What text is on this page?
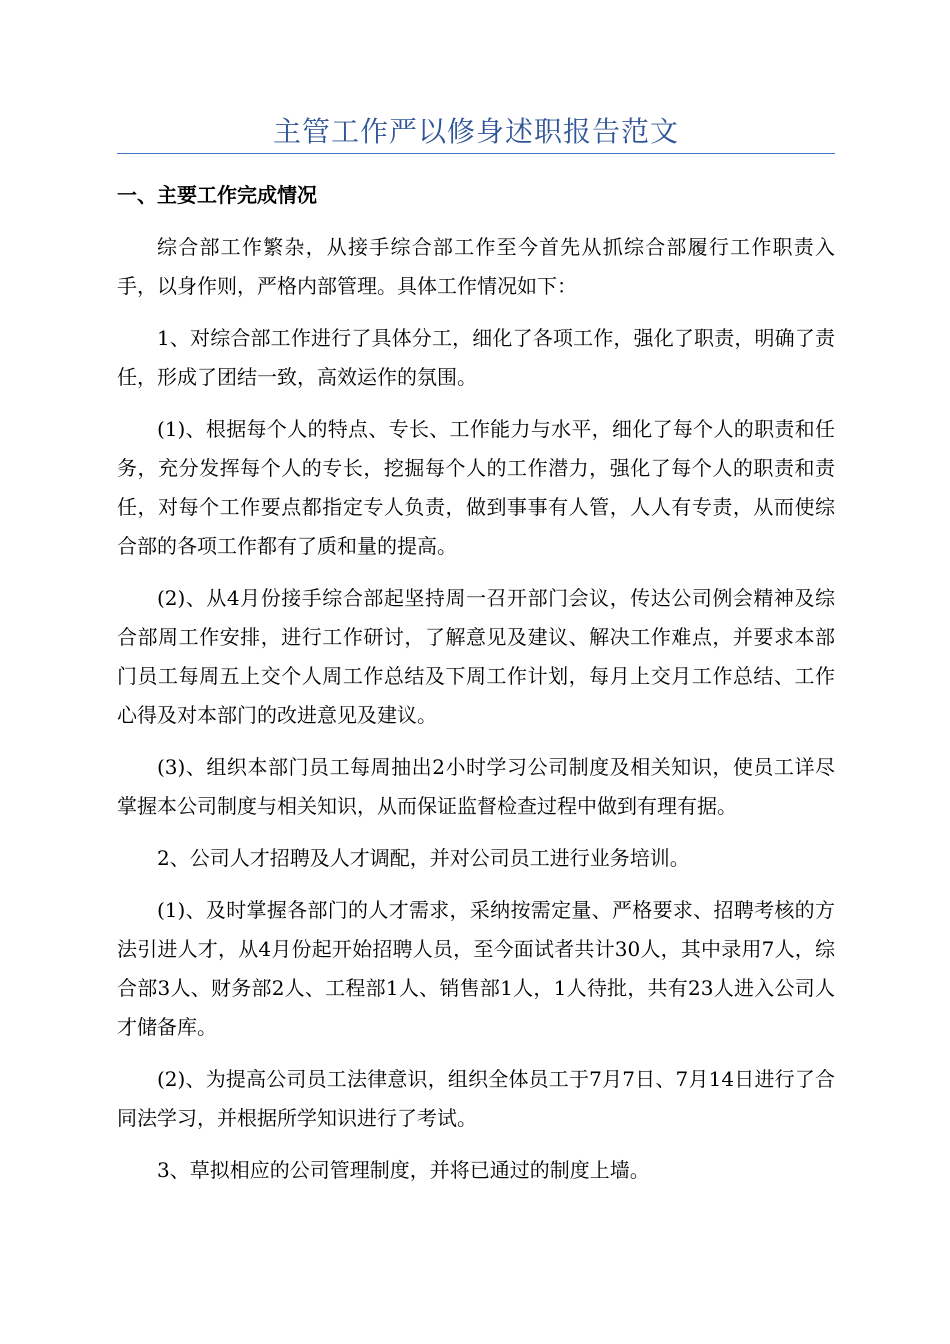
主管工作严以修身述职报告范文
一、主要工作完成情况

综合部工作繁杂，从接手综合部工作至今首先从抓综合部履行工作职责入手，以身作则，严格内部管理。具体工作情况如下：

1、对综合部工作进行了具体分工，细化了各项工作，强化了职责，明确了责任，形成了团结一致，高效运作的氛围。

(1)、根据每个人的特点、专长、工作能力与水平，细化了每个人的职责和任务，充分发挥每个人的专长，挖掘每个人的工作潜力，强化了每个人的职责和责任，对每个工作要点都指定专人负责，做到事事有人管，人人有专责，从而使综合部的各项工作都有了质和量的提高。

(2)、从4月份接手综合部起坚持周一召开部门会议，传达公司例会精神及综合部周工作安排，进行工作研讨，了解意见及建议、解决工作难点，并要求本部门员工每周五上交个人周工作总结及下周工作计划，每月上交月工作总结、工作心得及对本部门的改进意见及建议。

(3)、组织本部门员工每周抽出2小时学习公司制度及相关知识，使员工详尽掌握本公司制度与相关知识，从而保证监督检查过程中做到有理有据。

2、公司人才招聘及人才调配，并对公司员工进行业务培训。

(1)、及时掌握各部门的人才需求，采纳按需定量、严格要求、招聘考核的方法引进人才，从4月份起开始招聘人员，至今面试者共计30人，其中录用7人，综合部3人、财务部2人、工程部1人、销售部1人，1人待批，共有23人进入公司人才储备库。

(2)、为提高公司员工法律意识，组织全体员工于7月7日、7月14日进行了合同法学习，并根据所学知识进行了考试。

3、草拟相应的公司管理制度，并将已通过的制度上墙。
